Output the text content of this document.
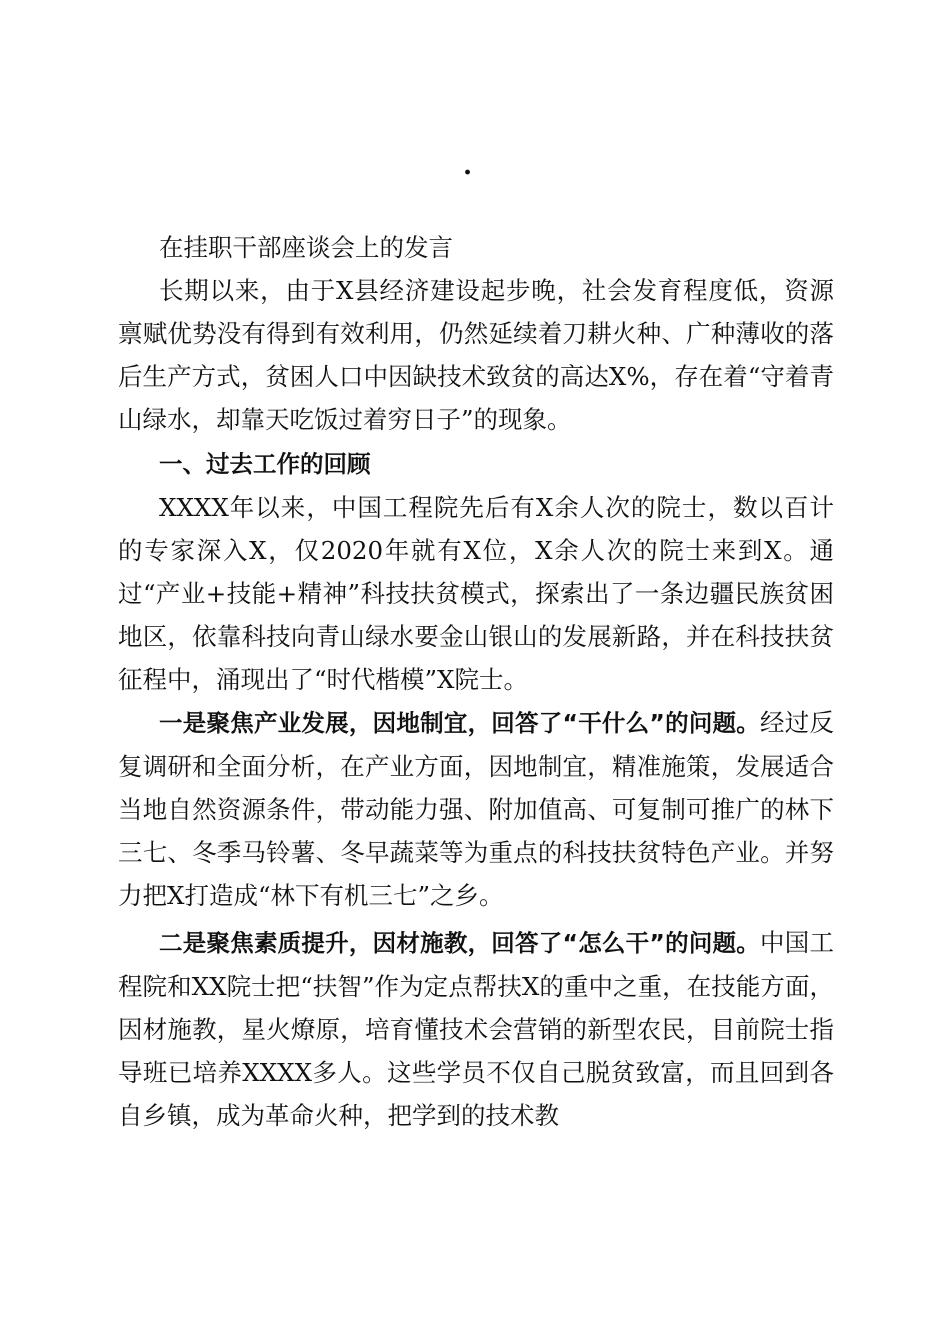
·

在挂职干部座谈会上的发言

长期以来，由于X县经济建设起步晚，社会发育程度低，资源禀赋优势没有得到有效利用，仍然延续着刀耕火种、广种薄收的落后生产方式，贫困人口中因缺技术致贫的高达X%，存在着“守着青山绿水，却靠天吃饭过着穷日子”的现象。

一、过去工作的回顾

XXXX年以来，中国工程院先后有X余人次的院士，数以百计的专家深入X，仅2020年就有X位，X余人次的院士来到X。通过“产业+技能+精神”科技扶贫模式，探索出了一条边疆民族贫困地区，依靠科技向青山绿水要金山银山的发展新路，并在科技扶贫征程中，涌现出了“时代楷模”X院士。

一是聚焦产业发展，因地制宜，回答了“干什么”的问题。经过反复调研和全面分析，在产业方面，因地制宜，精准施策，发展适合当地自然资源条件，带动能力强、附加值高、可复制可推广的林下三七、冬季马铃薯、冬早蔬菜等为重点的科技扶贫特色产业。并努力把X打造成“林下有机三七”之乡。

二是聚焦素质提升，因材施教，回答了“怎么干”的问题。中国工程院和XX院士把“扶智”作为定点帮扶X的重中之重，在技能方面，因材施教，星火燎原，培育懂技术会营销的新型农民，目前院士指导班已培养XXXX多人。这些学员不仅自己脱贫致富，而且回到各自乡镇，成为革命火种，把学到的技术教
